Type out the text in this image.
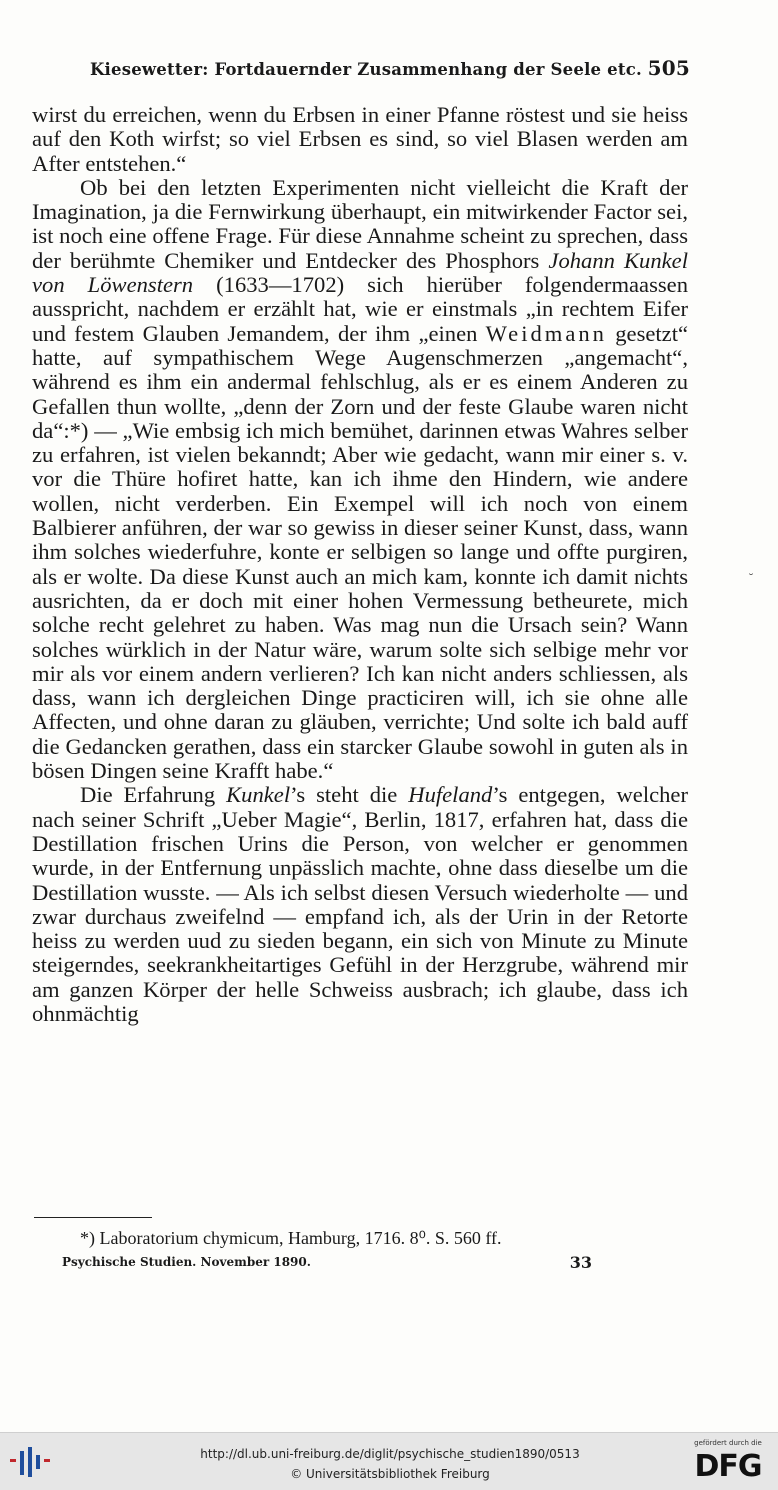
Kiesewetter: Fortdauernder Zusammenhang der Seele etc. 505

wirst du erreichen, wenn du Erbsen in einer Pfanne röstest und sie heiss auf den Koth wirfst; so viel Erbsen es sind, so viel Blasen werden am After entstehen.“

Ob bei den letzten Experimenten nicht vielleicht die Kraft der Imagination, ja die Fernwirkung überhaupt, ein mitwirkender Factor sei, ist noch eine offene Frage. Für diese Annahme scheint zu sprechen, dass der berühmte Chemiker und Entdecker des Phosphors Johann Kunkel von Löwenstern (1633—1702) sich hierüber folgendermaassen ausspricht, nachdem er erzählt hat, wie er einstmals „in rechtem Eifer und festem Glauben Jemandem, der ihm „einen Weidmann gesetzt“ hatte, auf sympathischem Wege Augenschmerzen „angemacht“, während es ihm ein andermal fehlschlug, als er es einem Anderen zu Gefallen thun wollte, „denn der Zorn und der feste Glaube waren nicht da“:*) — „Wie embsig ich mich bemühet, darinnen etwas Wahres selber zu erfahren, ist vielen bekanndt; Aber wie gedacht, wann mir einer s. v. vor die Thüre hofiret hatte, kan ich ihme den Hindern, wie andere wollen, nicht verderben. Ein Exempel will ich noch von einem Balbierer anführen, der war so gewiss in dieser seiner Kunst, dass, wann ihm solches wiederfuhre, konte er selbigen so lange und offte purgiren, als er wolte. Da diese Kunst auch an mich kam, konnte ich damit nichts ausrichten, da er doch mit einer hohen Vermessung betheurete, mich solche recht gelehret zu haben. Was mag nun die Ursach sein? Wann solches würklich in der Natur wäre, warum solte sich selbige mehr vor mir als vor einem andern verlieren? Ich kan nicht anders schliessen, als dass, wann ich dergleichen Dinge practiciren will, ich sie ohne alle Affecten, und ohne daran zu gläuben, verrichte; Und solte ich bald auff die Gedancken gerathen, dass ein starcker Glaube sowohl in guten als in bösen Dingen seine Krafft habe.“

Die Erfahrung Kunkel’s steht die Hufeland’s entgegen, welcher nach seiner Schrift „Ueber Magie“, Berlin, 1817, erfahren hat, dass die Destillation frischen Urins die Person, von welcher er genommen wurde, in der Entfernung unpässlich machte, ohne dass dieselbe um die Destillation wusste. — Als ich selbst diesen Versuch wiederholte — und zwar durchaus zweifelnd — empfand ich, als der Urin in der Retorte heiss zu werden uud zu sieden begann, ein sich von Minute zu Minute steigerndes, seekrankheitartiges Gefühl in der Herzgrube, während mir am ganzen Körper der helle Schweiss ausbrach; ich glaube, dass ich ohnmächtig

˘
*) Laboratorium chymicum, Hamburg, 1716. 8⁰. S. 560 ff.
Psychische Studien. November 1890.	33
http://dl.ub.uni-freiburg.de/diglit/psychische_studien1890/0513
© Universitätsbibliothek Freiburg
gefördert durch die
DFG
